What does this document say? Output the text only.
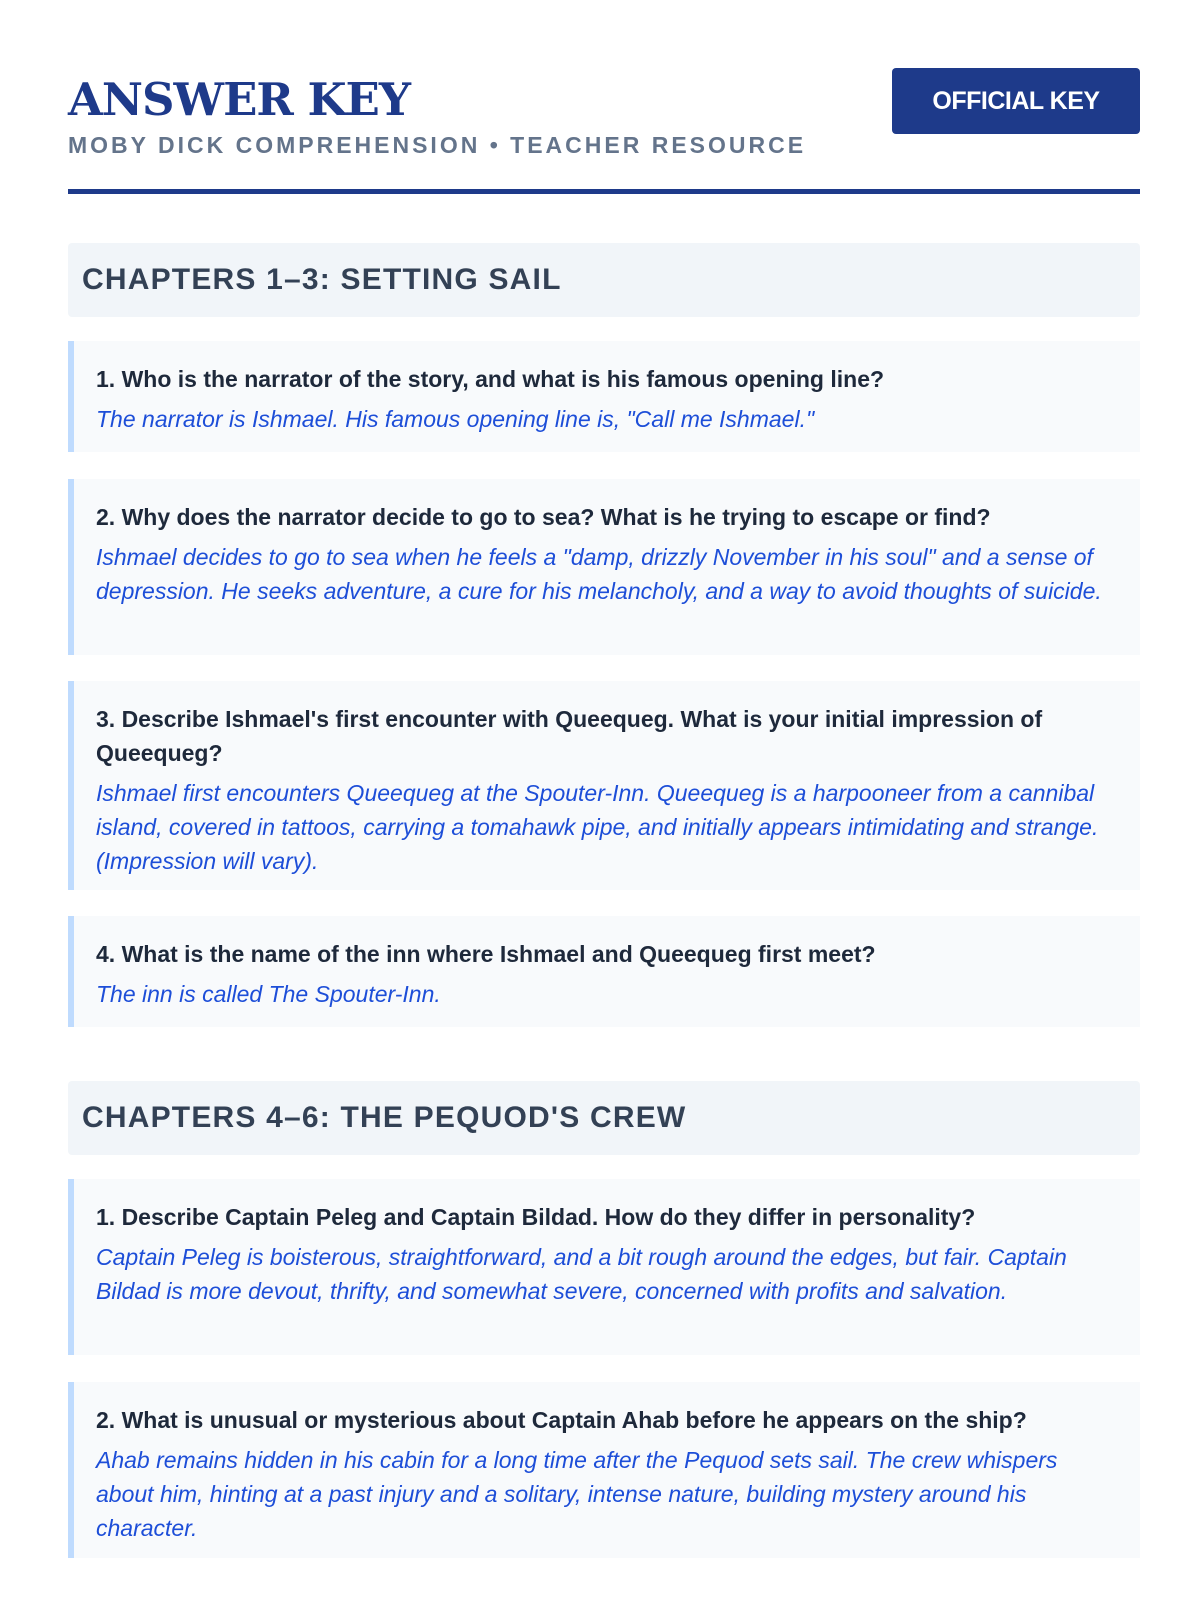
ANSWER KEY
MOBY DICK COMPREHENSION • TEACHER RESOURCE
OFFICIAL KEY
CHAPTERS 1–3: SETTING SAIL

1. Who is the narrator of the story, and what is his famous opening line?

The narrator is Ishmael. His famous opening line is, "Call me Ishmael."

2. Why does the narrator decide to go to sea? What is he trying to escape or find?

Ishmael decides to go to sea when he feels a "damp, drizzly November in his soul" and a sense of depression. He seeks adventure, a cure for his melancholy, and a way to avoid thoughts of suicide.

3. Describe Ishmael's first encounter with Queequeg. What is your initial impression of Queequeg?

Ishmael first encounters Queequeg at the Spouter-Inn. Queequeg is a harpooneer from a cannibal island, covered in tattoos, carrying a tomahawk pipe, and initially appears intimidating and strange. (Impression will vary).

4. What is the name of the inn where Ishmael and Queequeg first meet?

The inn is called The Spouter-Inn.

CHAPTERS 4–6: THE PEQUOD'S CREW

1. Describe Captain Peleg and Captain Bildad. How do they differ in personality?

Captain Peleg is boisterous, straightforward, and a bit rough around the edges, but fair. Captain Bildad is more devout, thrifty, and somewhat severe, concerned with profits and salvation.

2. What is unusual or mysterious about Captain Ahab before he appears on the ship?

Ahab remains hidden in his cabin for a long time after the Pequod sets sail. The crew whispers about him, hinting at a past injury and a solitary, intense nature, building mystery around his character.
